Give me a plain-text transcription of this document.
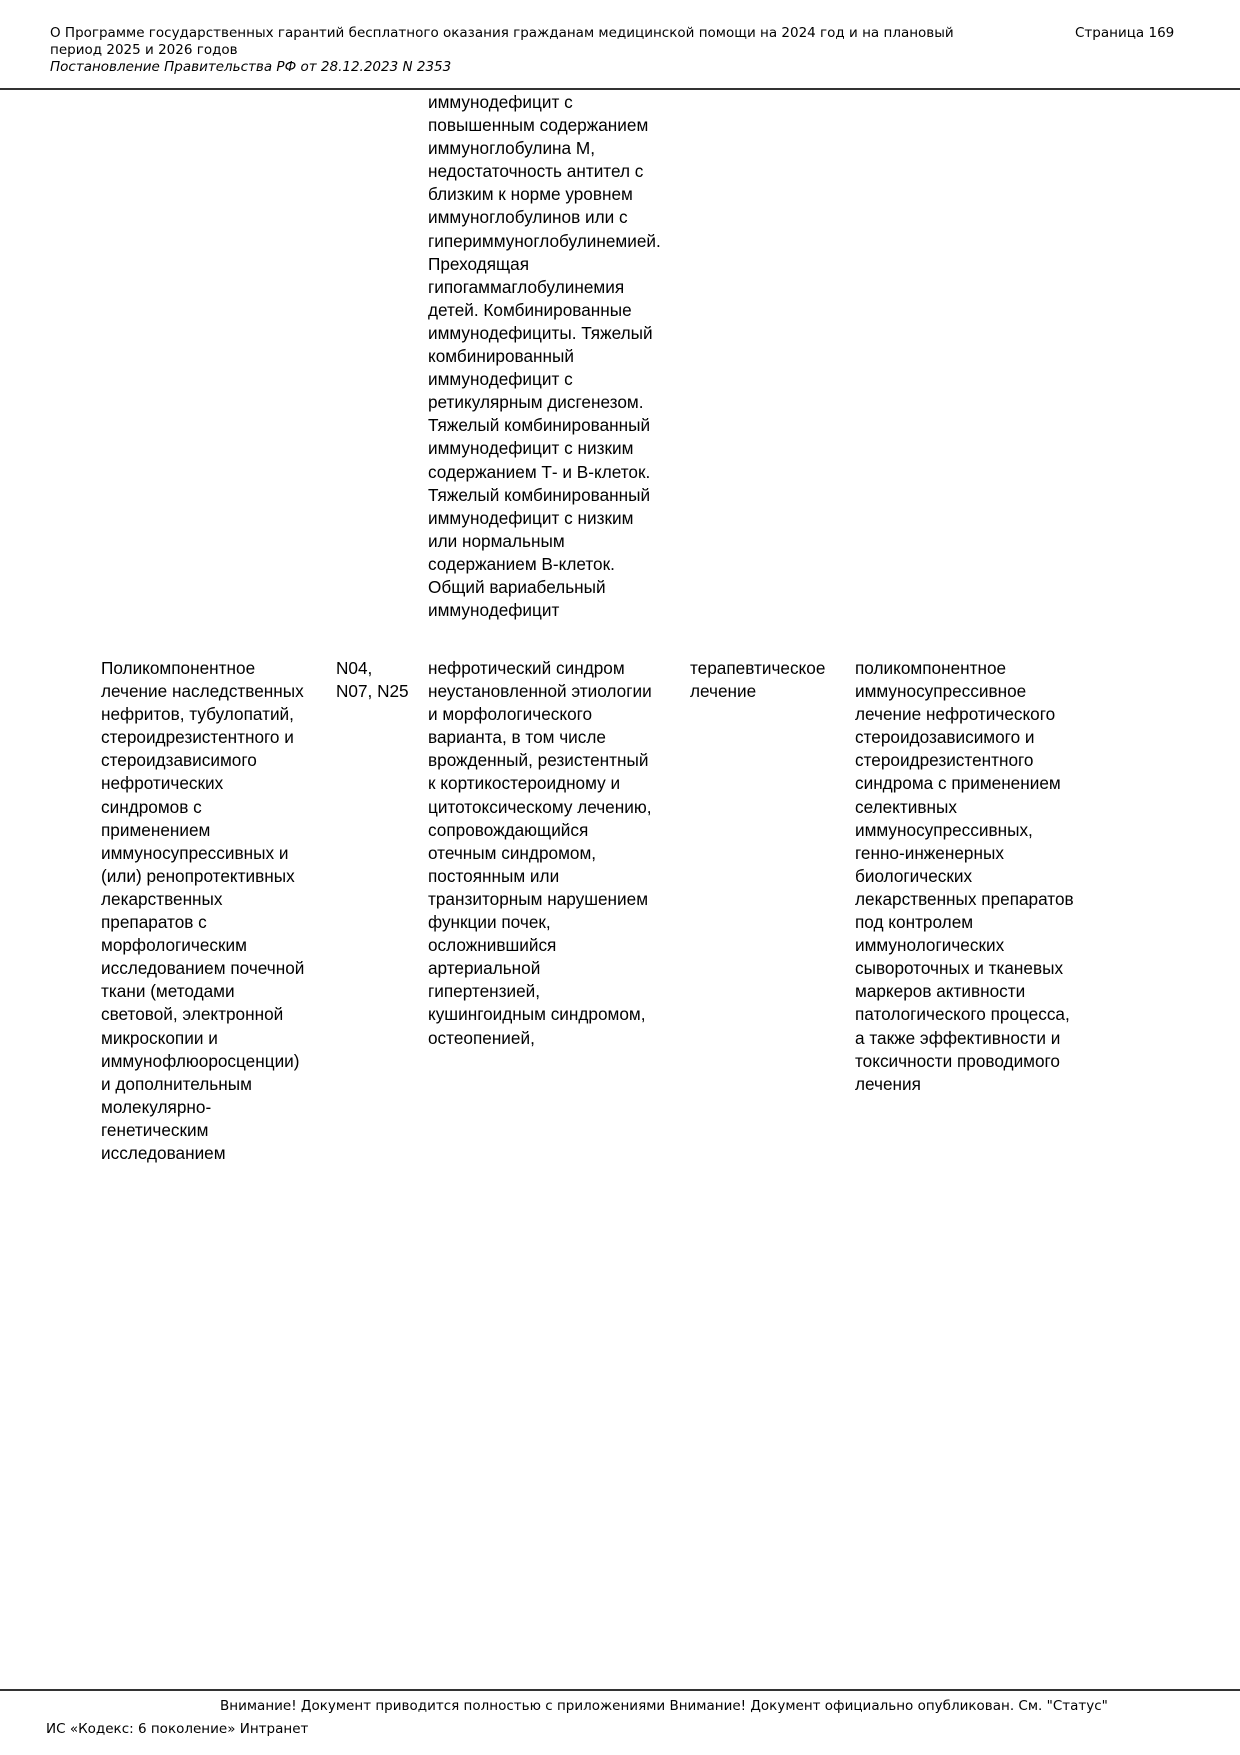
О Программе государственных гарантий бесплатного оказания гражданам медицинской помощи на 2024 год и на плановый
период 2025 и 2026 годов
Постановление Правительства РФ от 28.12.2023 N 2353
Страница 169
иммунодефицит с
повышенным содержанием
иммуноглобулина М,
недостаточность антител с
близким к норме уровнем
иммуноглобулинов или с
гипериммуноглобулинемией.
Преходящая
гипогаммаглобулинемия
детей. Комбинированные
иммунодефициты. Тяжелый
комбинированный
иммунодефицит с
ретикулярным дисгенезом.
Тяжелый комбинированный
иммунодефицит с низким
содержанием Т- и В-клеток.
Тяжелый комбинированный
иммунодефицит с низким
или нормальным
содержанием В-клеток.
Общий вариабельный
иммунодефицит
Поликомпонентное
лечение наследственных
нефритов, тубулопатий,
стероидрезистентного и
стероидзависимого
нефротических
синдромов с
применением
иммуносупрессивных и
(или) ренопротективных
лекарственных
препаратов с
морфологическим
исследованием почечной
ткани (методами
световой, электронной
микроскопии и
иммунофлюоросценции)
и дополнительным
молекулярно-
генетическим
исследованием
N04,
N07, N25
нефротический синдром
неустановленной этиологии
и морфологического
варианта, в том числе
врожденный, резистентный
к кортикостероидному и
цитотоксическому лечению,
сопровождающийся
отечным синдромом,
постоянным или
транзиторным нарушением
функции почек,
осложнившийся
артериальной
гипертензией,
кушингоидным синдромом,
остеопенией,
терапевтическое
лечение
поликомпонентное
иммуносупрессивное
лечение нефротического
стероидозависимого и
стероидрезистентного
синдрома с применением
селективных
иммуносупрессивных,
генно-инженерных
биологических
лекарственных препаратов
под контролем
иммунологических
сывороточных и тканевых
маркеров активности
патологического процесса,
а также эффективности и
токсичности проводимого
лечения
Внимание! Документ приводится полностью с приложениями Внимание! Документ официально опубликован. См. "Статус"
ИС «Кодекс: 6 поколение» Интранет
